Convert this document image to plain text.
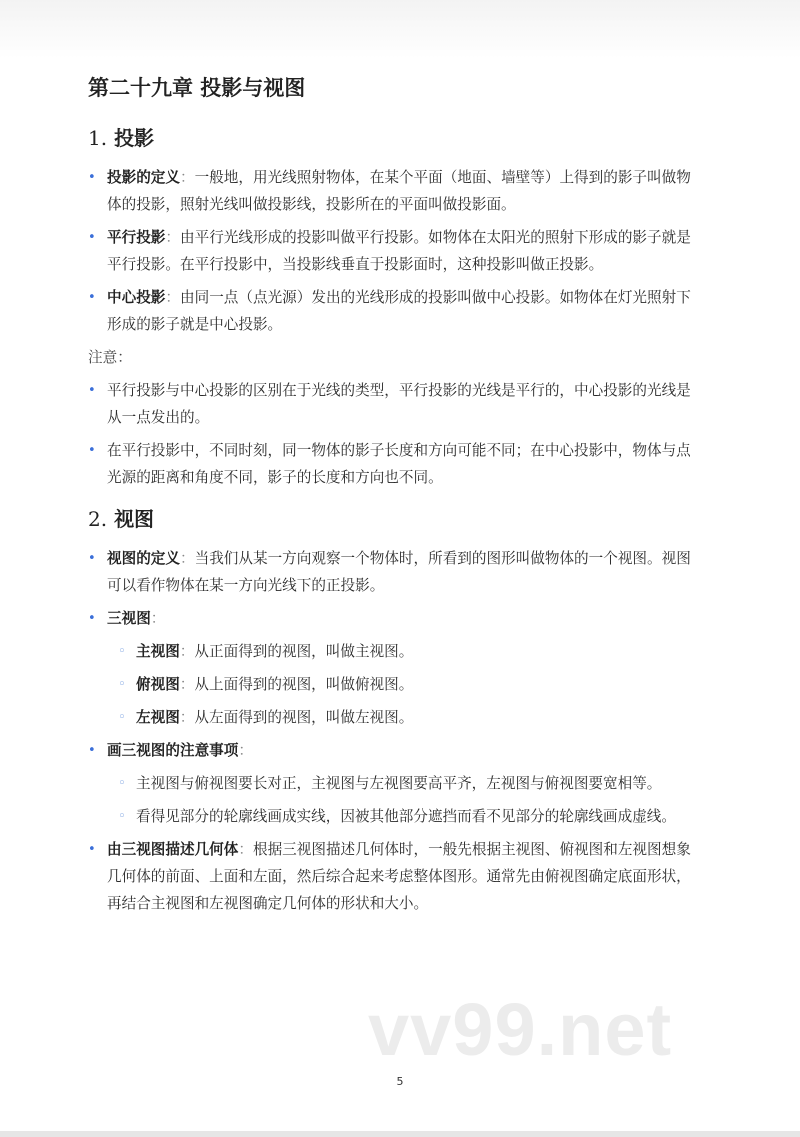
第二十九章 投影与视图
1. 投影
• 投影的定义：一般地，用光线照射物体，在某个平面（地面、墙壁等）上得到的影子叫做物体的投影，照射光线叫做投影线，投影所在的平面叫做投影面。
• 平行投影：由平行光线形成的投影叫做平行投影。如物体在太阳光的照射下形成的影子就是平行投影。在平行投影中，当投影线垂直于投影面时，这种投影叫做正投影。
• 中心投影：由同一点（点光源）发出的光线形成的投影叫做中心投影。如物体在灯光照射下形成的影子就是中心投影。

注意：

• 平行投影与中心投影的区别在于光线的类型，平行投影的光线是平行的，中心投影的光线是从一点发出的。
• 在平行投影中，不同时刻，同一物体的影子长度和方向可能不同；在中心投影中，物体与点光源的距离和角度不同，影子的长度和方向也不同。
2. 视图
• 视图的定义：当我们从某一方向观察一个物体时，所看到的图形叫做物体的一个视图。视图可以看作物体在某一方向光线下的正投影。
• 三视图：
◦ 主视图：从正面得到的视图，叫做主视图。
◦ 俯视图：从上面得到的视图，叫做俯视图。
◦ 左视图：从左面得到的视图，叫做左视图。
• 画三视图的注意事项：
◦ 主视图与俯视图要长对正，主视图与左视图要高平齐，左视图与俯视图要宽相等。
◦ 看得见部分的轮廓线画成实线，因被其他部分遮挡而看不见部分的轮廓线画成虚线。
• 由三视图描述几何体：根据三视图描述几何体时，一般先根据主视图、俯视图和左视图想象几何体的前面、上面和左面，然后综合起来考虑整体图形。通常先由俯视图确定底面形状，再结合主视图和左视图确定几何体的形状和大小。
vv99.net
5
